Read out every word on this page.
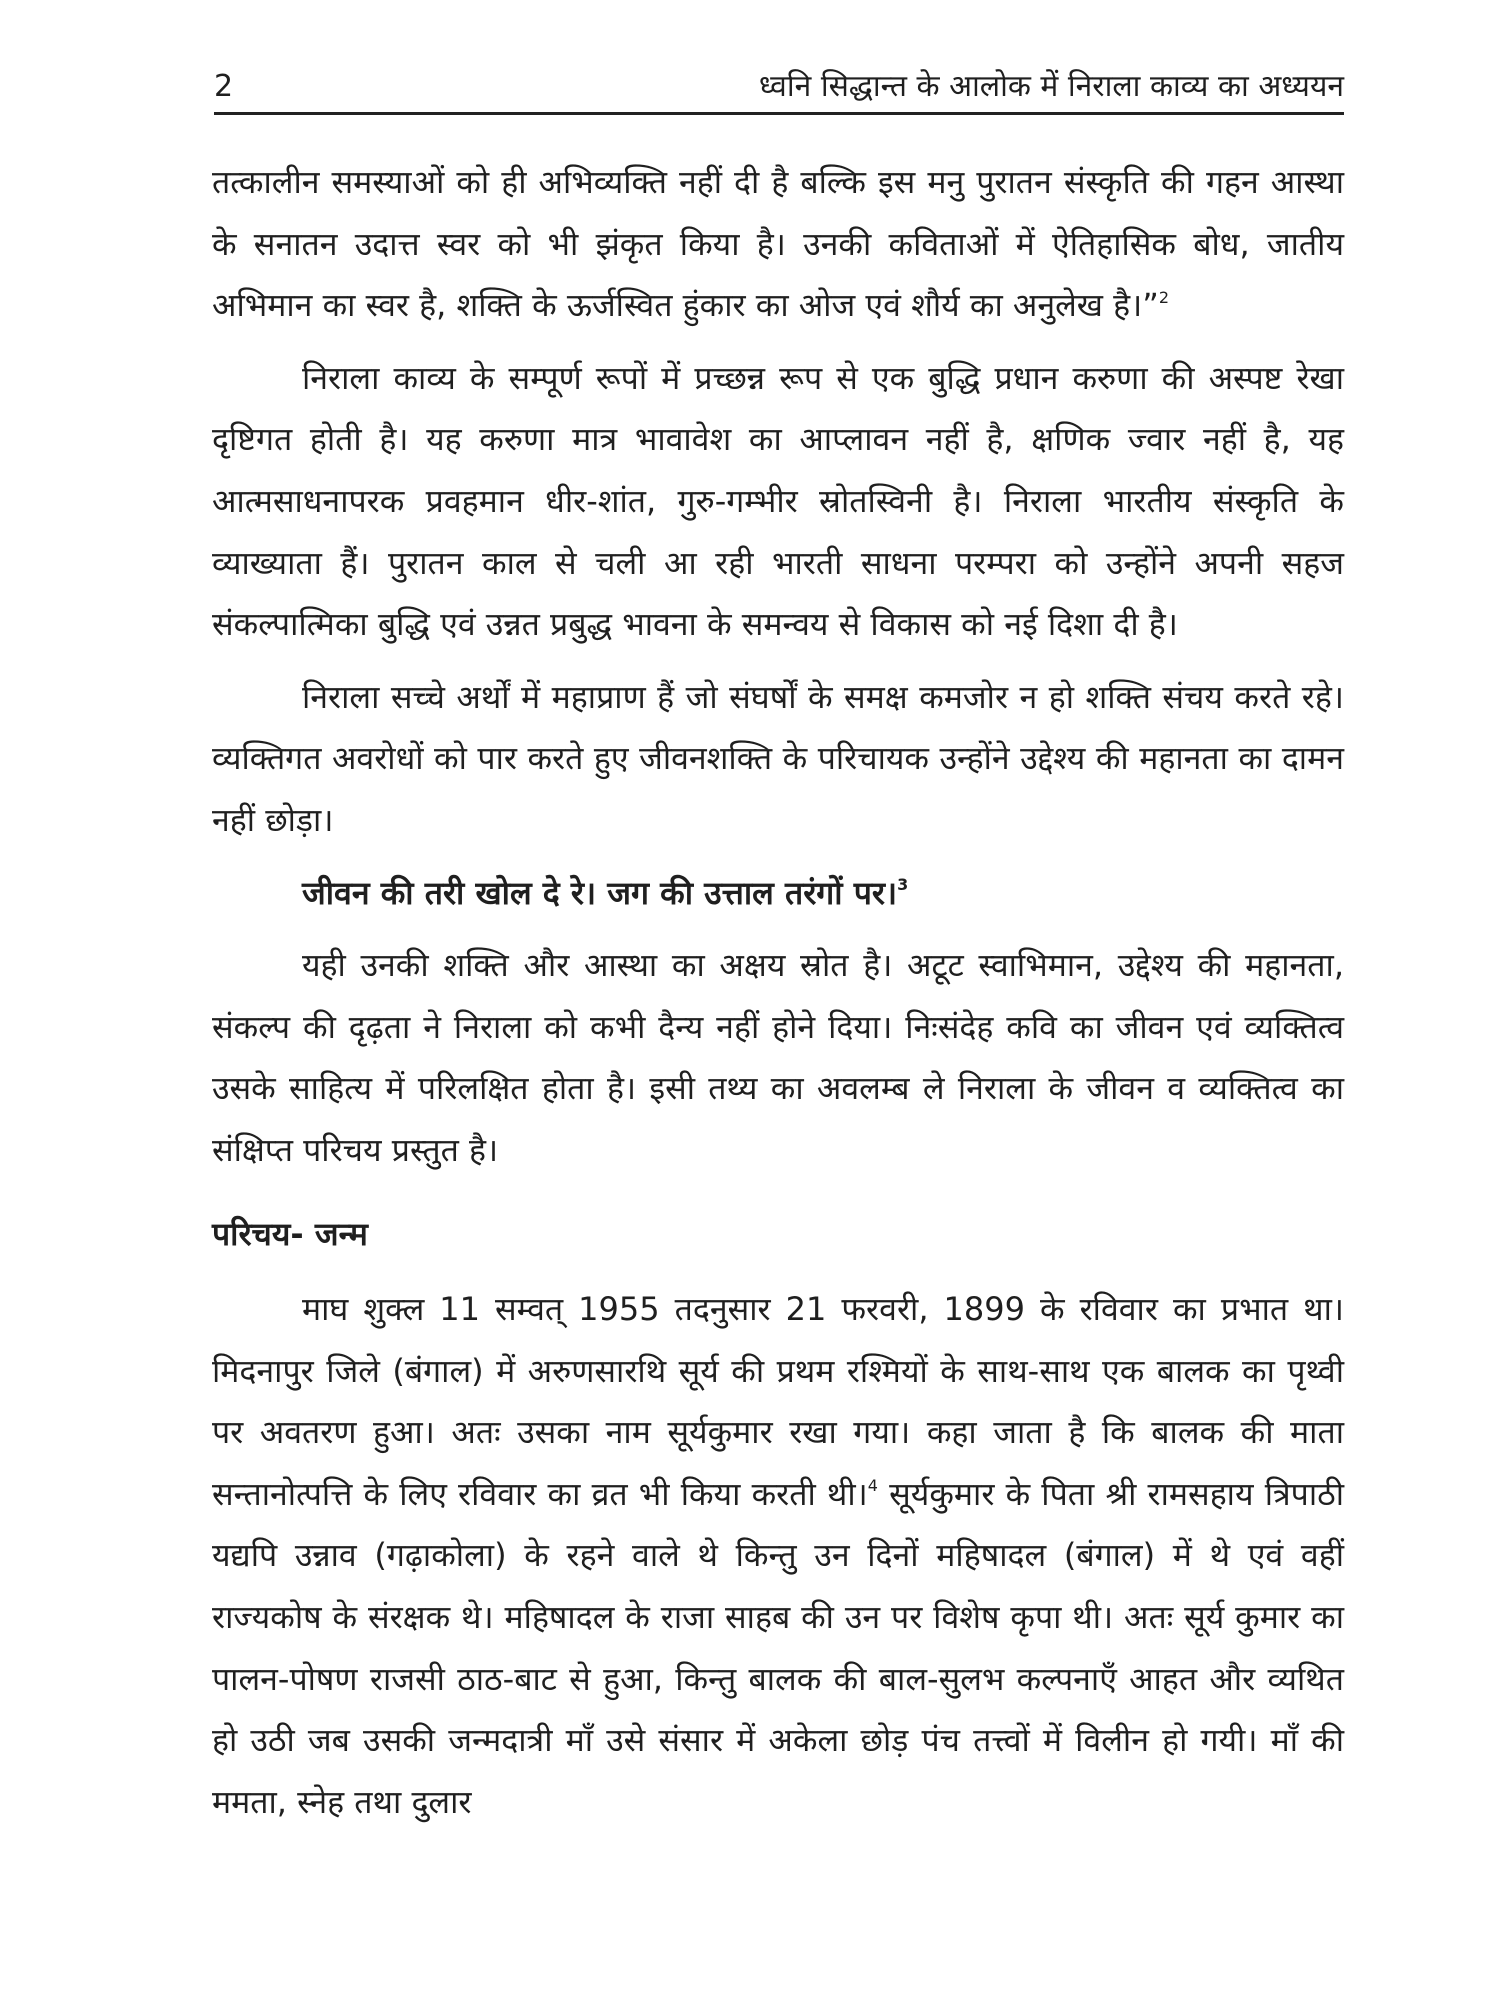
2	ध्वनि सिद्धान्त के आलोक में निराला काव्य का अध्ययन

तत्कालीन समस्याओं को ही अभिव्यक्ति नहीं दी है बल्कि इस मनु पुरातन संस्कृति की गहन आस्था के सनातन उदात्त स्वर को भी झंकृत किया है। उनकी कविताओं में ऐतिहासिक बोध, जातीय अभिमान का स्वर है, शक्ति के ऊर्जस्वित हुंकार का ओज एवं शौर्य का अनुलेख है।”$^2$

निराला काव्य के सम्पूर्ण रूपों में प्रच्छन्न रूप से एक बुद्धि प्रधान करुणा की अस्पष्ट रेखा दृष्टिगत होती है। यह करुणा मात्र भावावेश का आप्लावन नहीं है, क्षणिक ज्वार नहीं है, यह आत्मसाधनापरक प्रवहमान धीर-शांत, गुरु-गम्भीर स्रोतस्विनी है। निराला भारतीय संस्कृति के व्याख्याता हैं। पुरातन काल से चली आ रही भारती साधना परम्परा को उन्होंने अपनी सहज संकल्पात्मिका बुद्धि एवं उन्नत प्रबुद्ध भावना के समन्वय से विकास को नई दिशा दी है।

निराला सच्चे अर्थों में महाप्राण हैं जो संघर्षों के समक्ष कमजोर न हो शक्ति संचय करते रहे। व्यक्तिगत अवरोधों को पार करते हुए जीवनशक्ति के परिचायक उन्होंने उद्देश्य की महानता का दामन नहीं छोड़ा।

जीवन की तरी खोल दे रे। जग की उत्ताल तरंगों पर।$^3$

यही उनकी शक्ति और आस्था का अक्षय स्रोत है। अटूट स्वाभिमान, उद्देश्य की महानता, संकल्प की दृढ़ता ने निराला को कभी दैन्य नहीं होने दिया। निःसंदेह कवि का जीवन एवं व्यक्तित्व उसके साहित्य में परिलक्षित होता है। इसी तथ्य का अवलम्ब ले निराला के जीवन व व्यक्तित्व का संक्षिप्त परिचय प्रस्तुत है।

परिचय- जन्म

माघ शुक्ल 11 सम्वत् 1955 तदनुसार 21 फरवरी, 1899 के रविवार का प्रभात था। मिदनापुर जिले (बंगाल) में अरुणसारथि सूर्य की प्रथम रश्मियों के साथ-साथ एक बालक का पृथ्वी पर अवतरण हुआ। अतः उसका नाम सूर्यकुमार रखा गया। कहा जाता है कि बालक की माता सन्तानोत्पत्ति के लिए रविवार का व्रत भी किया करती थी।$^4$ सूर्यकुमार के पिता श्री रामसहाय त्रिपाठी यद्यपि उन्नाव (गढ़ाकोला) के रहने वाले थे किन्तु उन दिनों महिषादल (बंगाल) में थे एवं वहीं राज्यकोष के संरक्षक थे। महिषादल के राजा साहब की उन पर विशेष कृपा थी। अतः सूर्य कुमार का पालन-पोषण राजसी ठाठ-बाट से हुआ, किन्तु बालक की बाल-सुलभ कल्पनाएँ आहत और व्यथित हो उठी जब उसकी जन्मदात्री माँ उसे संसार में अकेला छोड़ पंच तत्त्वों में विलीन हो गयी। माँ की ममता, स्नेह तथा दुलार
